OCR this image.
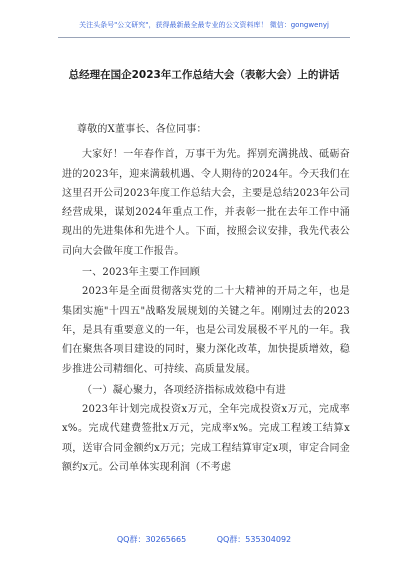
关注头条号"公文研究"，获得最新最全最专业的公文资料库！ 微信：gongwenyj
总经理在国企2023年工作总结大会（表彰大会）上的讲话

尊敬的X董事长、各位同事：

大家好！一年春作首，万事干为先。挥别充满挑战、砥砺奋进的2023年，迎来满载机遇、令人期待的2024年。今天我们在这里召开公司2023年度工作总结大会，主要是总结2023年公司经营成果，谋划2024年重点工作，并表彰一批在去年工作中涌现出的先进集体和先进个人。下面，按照会议安排，我先代表公司向大会做年度工作报告。

一、2023年主要工作回顾

2023年是全面贯彻落实党的二十大精神的开局之年，也是集团实施"十四五"战略发展规划的关键之年。刚刚过去的2023年，是具有重要意义的一年，也是公司发展极不平凡的一年。我们在聚焦各项目建设的同时，聚力深化改革，加快提质增效，稳步推进公司精细化、可持续、高质量发展。

（一）凝心聚力，各项经济指标成效稳中有进

2023年计划完成投资x万元，全年完成投资x万元，完成率x%。完成代建费签批x万元，完成率x%。完成工程竣工结算x项，送审合同金额约x万元；完成工程结算审定x项，审定合同金额约x元。公司单体实现利润（不考虑

QQ群：30265665	QQ群：535304092
